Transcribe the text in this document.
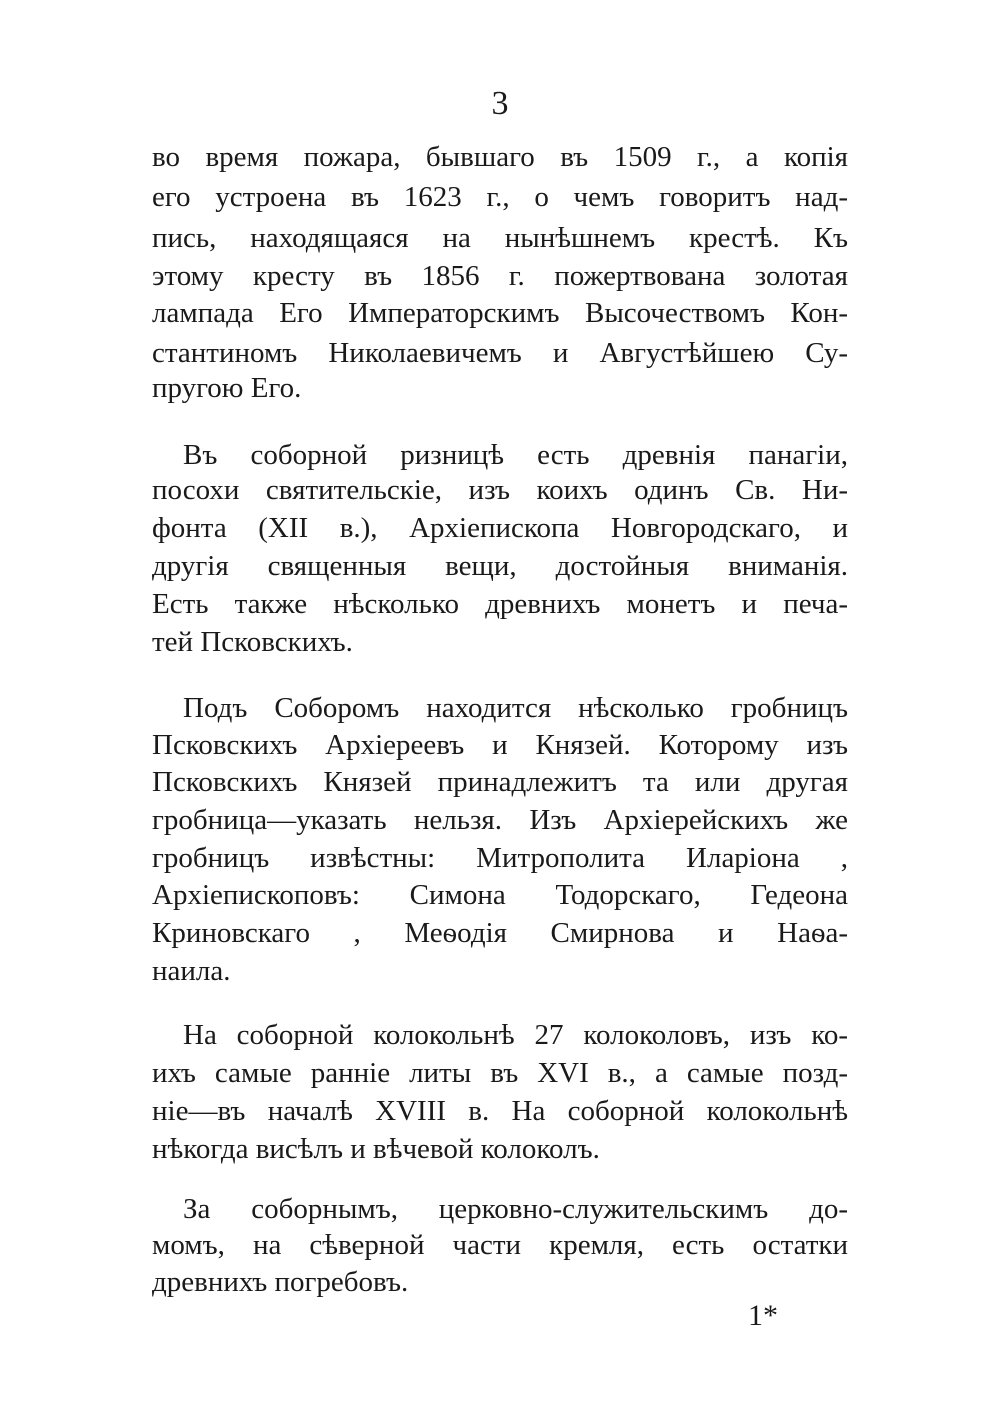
3
во время пожара, бывшаго въ 1509 г., а копія
его устроена въ 1623 г., о чемъ говоритъ над-
пись, находящаяся на нынѣшнемъ крестѣ. Къ
этому кресту въ 1856 г. пожертвована золотая
лампада Его Императорскимъ Высочествомъ Кон-
стантиномъ Николаевичемъ и Августѣйшею Су-
пругою Его.
Въ соборной ризницѣ есть древнія панагіи,
посохи святительскіе, изъ коихъ одинъ Св. Ни-
фонта (XII в.), Архіепископа Новгородскаго, и
другія священныя вещи, достойныя вниманія.
Есть также нѣсколько древнихъ монетъ и печа-
тей Псковскихъ.
Подъ Соборомъ находится нѣсколько гробницъ
Псковскихъ Архіереевъ и Князей. Которому изъ
Псковскихъ Князей принадлежитъ та или другая
гробница—указать нельзя. Изъ Архіерейскихъ же
гробницъ извѣстны: Митрополита Иларіона ,
Архіепископовъ: Симона Тодорскаго, Гедеона
Криновскаго , Меѳодія Смирнова и Наѳа-
наила.
На соборной колокольнѣ 27 колоколовъ, изъ ко-
ихъ самые ранніе литы въ XVI в., а самые позд-
ніе—въ началѣ XVIII в. На соборной колокольнѣ
нѣкогда висѣлъ и вѣчевой колоколъ.
За соборнымъ, церковно-служительскимъ до-
момъ, на сѣверной части кремля, есть остатки
древнихъ погребовъ.
1*
